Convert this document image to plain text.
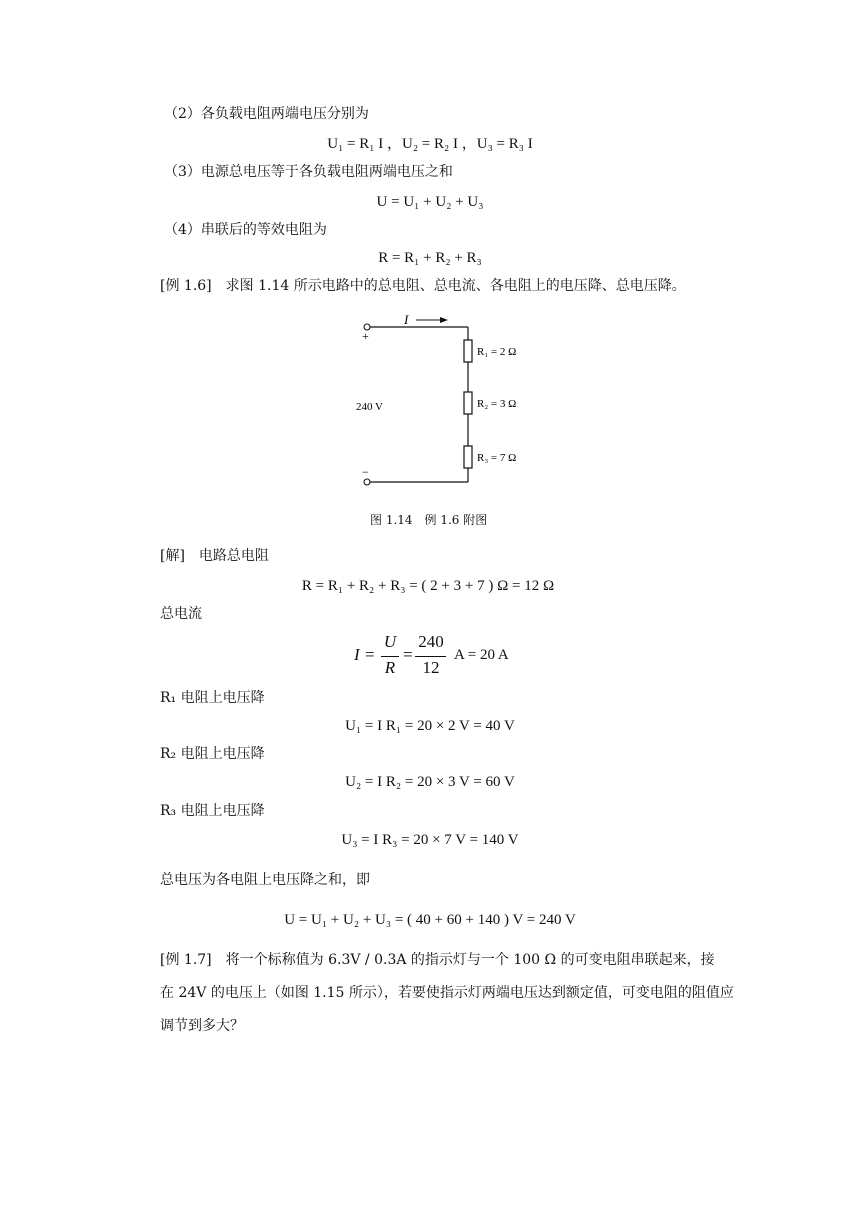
（2）各负载电阻两端电压分别为
U₁ = R₁ I ，U₂ = R₂ I ，U₃ = R₃ I
（3）电源总电压等于各负载电阻两端电压之和
U = U₁ + U₂ + U₃
（4）串联后的等效电阻为
R = R₁ + R₂ + R₃
[例 1.6]　求图 1.14 所示电路中的总电阻、总电流、各电阻上的电压降、总电压降。
I
+
−
240 V
R₁ = 2 Ω
R₂ = 3 Ω
R₃ = 7 Ω
图 1.14　例 1.6 附图
[解]　电路总电阻
R = R₁ + R₂ + R₃ = ( 2 + 3 + 7 ) Ω = 12 Ω
总电流
I =
U
R
=
240
12
A = 20 A
R₁ 电阻上电压降
U₁ = I R₁ = 20 × 2 V = 40 V
R₂ 电阻上电压降
U₂ = I R₂ = 20 × 3 V = 60 V
R₃ 电阻上电压降
U₃ = I R₃ = 20 × 7 V = 140 V
总电压为各电阻上电压降之和，即
U = U₁ + U₂ + U₃ = ( 40 + 60 + 140 ) V = 240 V
[例 1.7]　将一个标称值为 6.3V / 0.3A 的指示灯与一个 100 Ω 的可变电阻串联起来，接
在 24V 的电压上（如图 1.15 所示），若要使指示灯两端电压达到额定值，可变电阻的阻值应
调节到多大？
